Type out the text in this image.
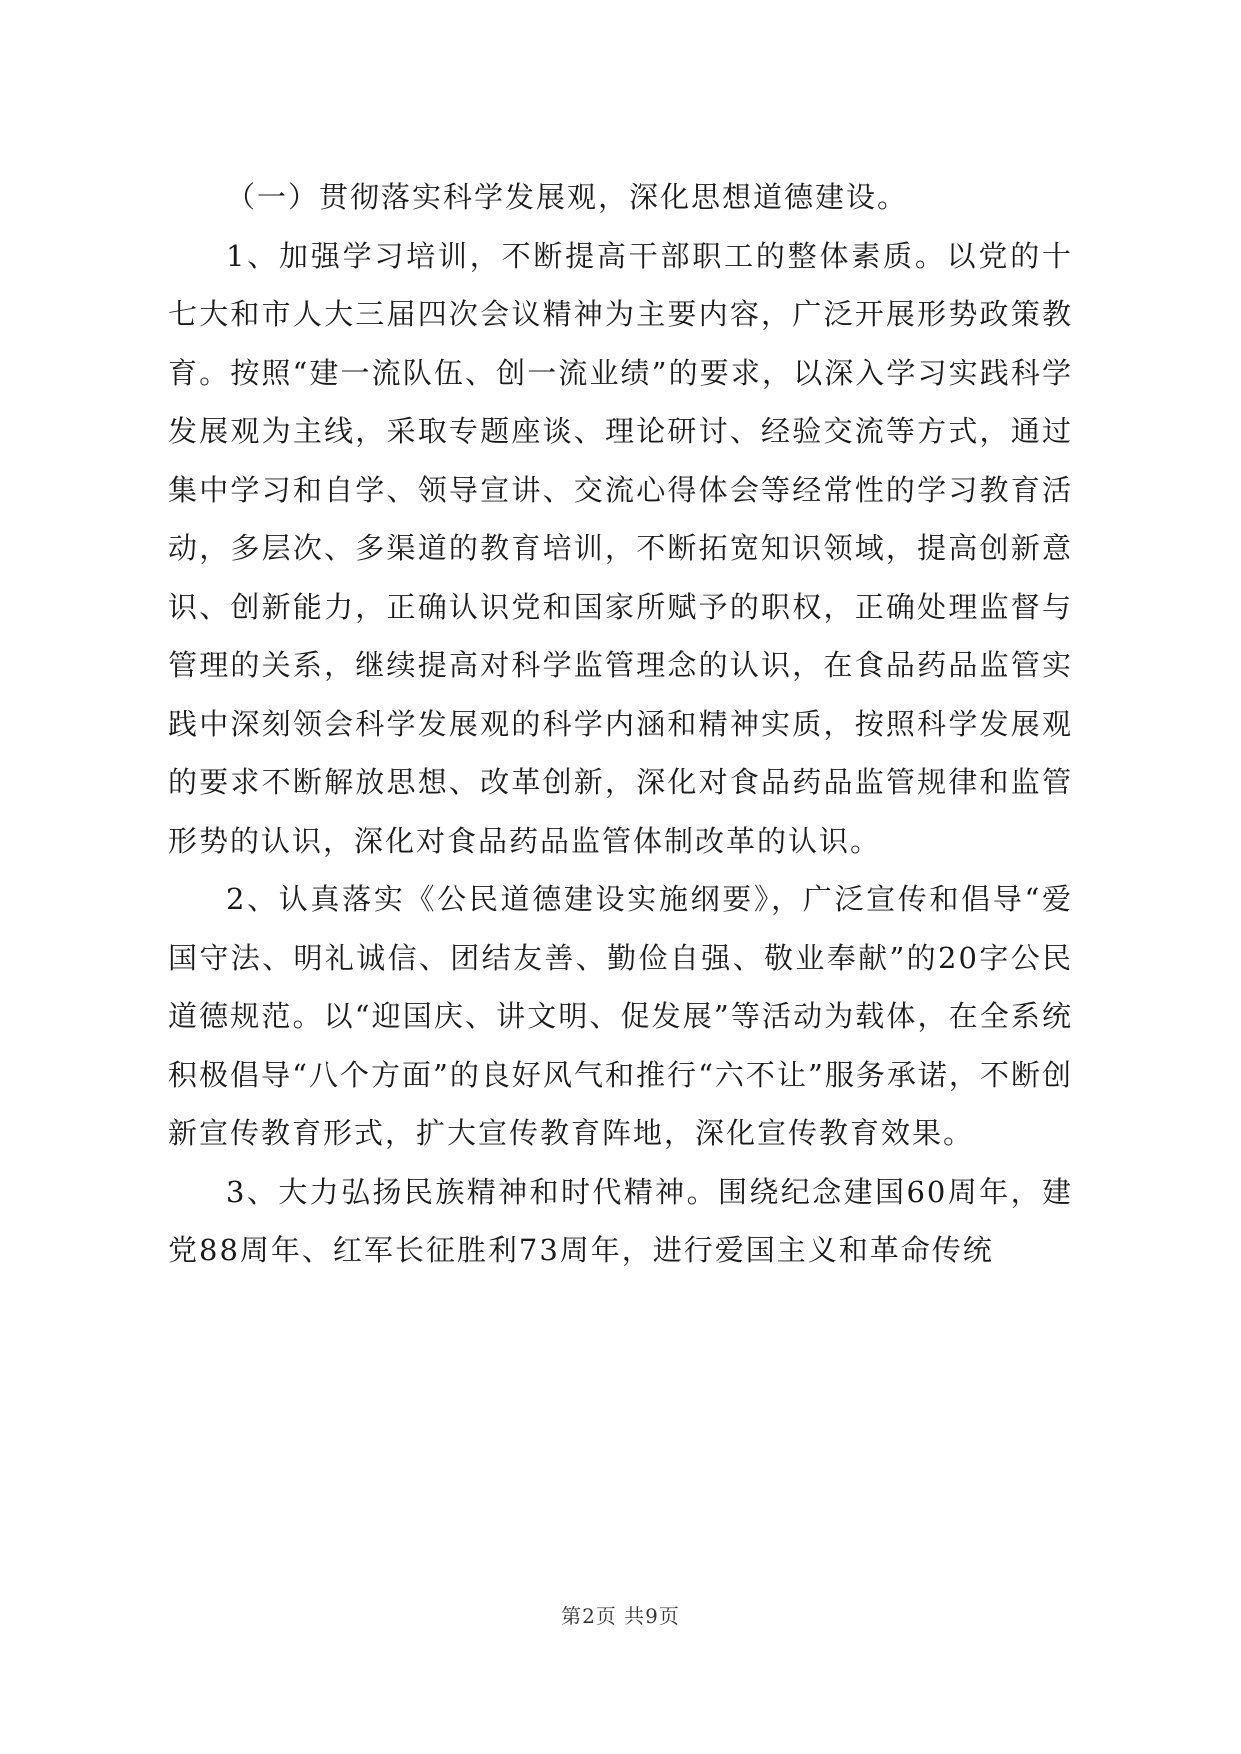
（一）贯彻落实科学发展观，深化思想道德建设。

1、加强学习培训，不断提高干部职工的整体素质。以党的十七大和市人大三届四次会议精神为主要内容，广泛开展形势政策教育。按照“建一流队伍、创一流业绩”的要求，以深入学习实践科学发展观为主线，采取专题座谈、理论研讨、经验交流等方式，通过集中学习和自学、领导宣讲、交流心得体会等经常性的学习教育活动，多层次、多渠道的教育培训，不断拓宽知识领域，提高创新意识、创新能力，正确认识党和国家所赋予的职权，正确处理监督与管理的关系，继续提高对科学监管理念的认识，在食品药品监管实践中深刻领会科学发展观的科学内涵和精神实质，按照科学发展观的要求不断解放思想、改革创新，深化对食品药品监管规律和监管形势的认识，深化对食品药品监管体制改革的认识。

2、认真落实《公民道德建设实施纲要》，广泛宣传和倡导“爱国守法、明礼诚信、团结友善、勤俭自强、敬业奉献”的20字公民道德规范。以“迎国庆、讲文明、促发展”等活动为载体，在全系统积极倡导“八个方面”的良好风气和推行“六不让”服务承诺，不断创新宣传教育形式，扩大宣传教育阵地，深化宣传教育效果。

3、大力弘扬民族精神和时代精神。围绕纪念建国60周年，建党88周年、红军长征胜利73周年，进行爱国主义和革命传统

第2页 共9页
